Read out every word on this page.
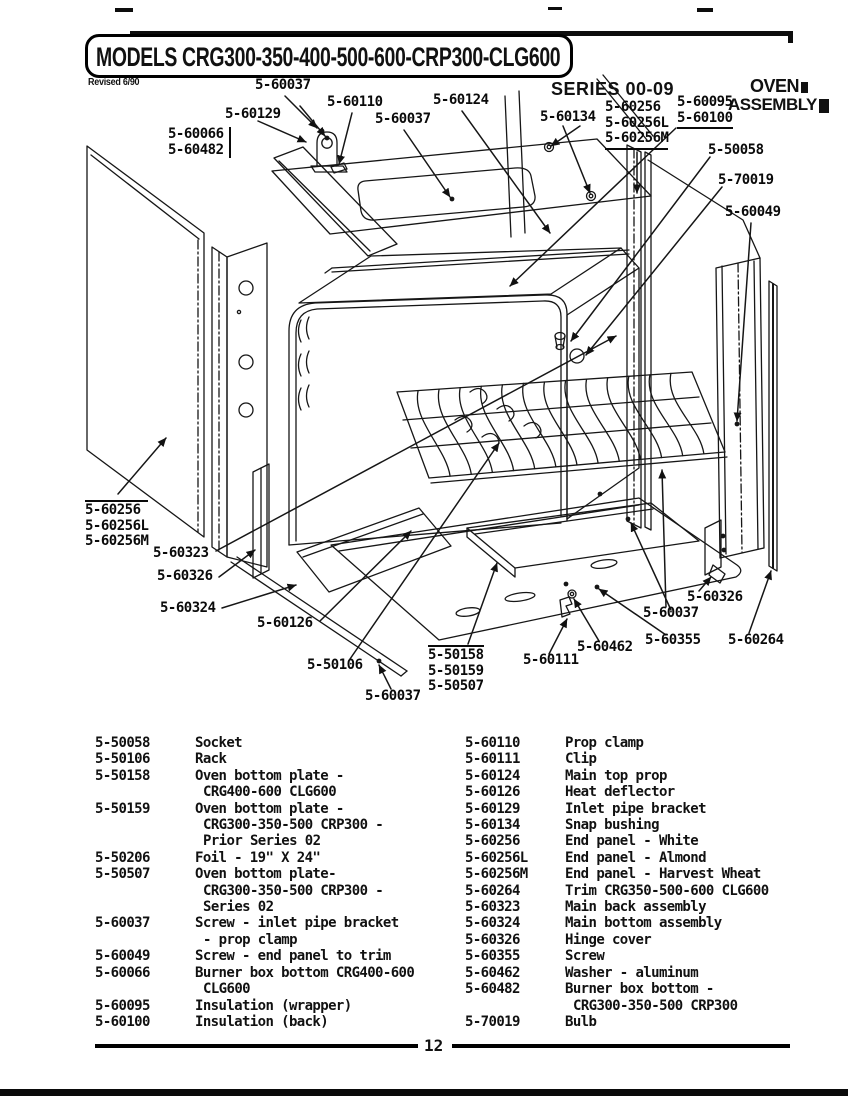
MODELS CRG300-350-400-500-600-CRP300-CLG600
Revised 6/90	SERIES 00-09	OVEN
ASSEMBLY
5-60037
5-60110	5-60124
5-60129	5-60037	5-60134
5-60256
5-60256L
5-60256M
5-60095
5-60100
5-60066
5-60482	5-50058
5-70019
5-60049
5-60256
5-60256L
5-60256M
5-60323
5-60326
5-60324
5-60126
5-50106
5-60037
5-50158
5-50159
5-50507
5-60111
5-60462 5-60355
5-60037
5-60326
5-60264
5-50058	Socket
5-50106	Rack
5-50158	Oven bottom plate -
CRG400-600 CLG600
5-50159	Oven bottom plate -
CRG300-350-500 CRP300 -
Prior Series 02
5-50206	Foil - 19" X 24"
5-50507	Oven bottom plate-
CRG300-350-500 CRP300 -
Series 02
5-60037	Screw - inlet pipe bracket
- prop clamp
5-60049	Screw - end panel to trim
5-60066	Burner box bottom CRG400-600
CLG600
5-60095	Insulation (wrapper)
5-60100	Insulation (back)
5-60110	Prop clamp
5-60111	Clip
5-60124	Main top prop
5-60126	Heat deflector
5-60129	Inlet pipe bracket
5-60134	Snap bushing
5-60256	End panel - White
5-60256L	End panel - Almond
5-60256M	End panel - Harvest Wheat
5-60264	Trim CRG350-500-600 CLG600
5-60323	Main back assembly
5-60324	Main bottom assembly
5-60326	Hinge cover
5-60355	Screw
5-60462	Washer - aluminum
5-60482	Burner box bottom -
CRG300-350-500 CRP300
5-70019	Bulb
12
